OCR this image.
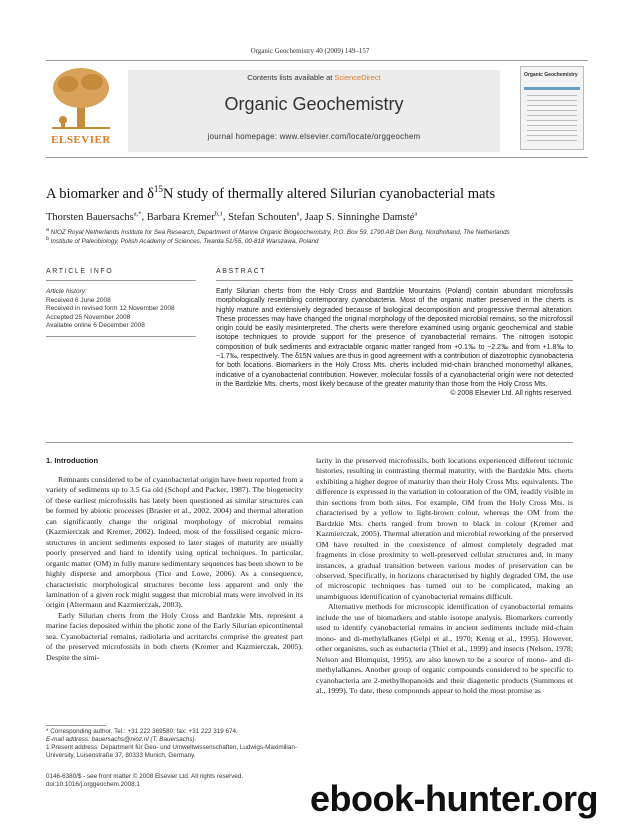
Organic Geochemistry 40 (2009) 149–157
ELSEVIER
Contents lists available at ScienceDirect
Organic Geochemistry
journal homepage: www.elsevier.com/locate/orggeochem
Organic Geochemistry
A biomarker and $\delta^{15}N$ study of thermally altered Silurian cyanobacterial mats
Thorsten Bauersachs$^{a,*}$, Barbara Kremer$^{b,1}$, Stefan Schouten$^a$, Jaap S. Sinninghe Damsté$^a$
$^a$ NIOZ Royal Netherlands Institute for Sea Research, Department of Marine Organic Biogeochemistry, P.O. Box 59, 1790 AB Den Burg, Nordholland, The Netherlands
$^b$ Institute of Paleobiology, Polish Academy of Sciences, Twarda 51/55, 00-818 Warszawa, Poland
ARTICLE INFO	ABSTRACT
Article history:
Received 6 June 2008
Received in revised form 12 November 2008
Accepted 25 November 2008
Available online 6 December 2008
Early Silurian cherts from the Holy Cross and Bardzkie Mountains (Poland) contain abundant microfossils morphologically resembling contemporary cyanobacteria. Most of the organic matter preserved in the cherts is highly mature and extensively degraded because of biological decomposition and progressive thermal alteration. These processes may have changed the original morphology of the deposited microbial remains, so the microfossil origin could be easily misinterpreted. The cherts were therefore examined using organic geochemical and stable isotope techniques to provide support for the presence of cyanobacterial remains. The nitrogen isotopic composition of bulk sediments and extractable organic matter ranged from +0.1‰ to −2.2‰ and from +1.8‰ to −1.7‰, respectively. The δ15N values are thus in good agreement with a contribution of diazotrophic cyanobacteria for both locations. Biomarkers in the Holy Cross Mts. cherts included mid-chain branched monomethyl alkanes, indicative of a cyanobacterial contribution. However, molecular fossils of a cyanobacterial origin were not detected in the Bardzkie Mts. cherts, most likely because of the greater maturity than those from the Holy Cross Mts.
© 2008 Elsevier Ltd. All rights reserved.
1. Introduction

Remnants considered to be of cyanobacterial origin have been reported from a variety of sediments up to 3.5 Ga old (Schopf and Packer, 1987). The biogenecity of these earliest microfossils has lately been questioned as similar structures can be formed by abiotic processes (Brasier et al., 2002, 2004) and thermal alteration can significantly change the original morphology of microbial remains (Kazmierczak and Kremer, 2002). Indeed, most of the fossilised organic micro-structures in ancient sediments exposed to later stages of maturity are usually poorly preserved and hard to identify using optical techniques. In particular, organic matter (OM) in fully mature sedimentary sequences has been shown to be highly disperse and amorphous (Tice and Lowe, 2006). As a consequence, characteristic morphological structures become less apparent and only the lamination of a given rock might suggest that microbial mats were involved in its origin (Altermann and Kazmierczak, 2003).

Early Silurian cherts from the Holy Cross and Bardzkie Mts. represent a marine facies deposited within the photic zone of the Early Silurian epicontinental sea. Cyanobacterial remains, radiolaria and acritarchs comprise the greatest part of the preserved microfossils in both cherts (Kremer and Kazmierczak, 2005). Despite the simi-

larity in the preserved microfossils, both locations experienced different tectonic histories, resulting in contrasting thermal maturity, with the Bardzkie Mts. cherts exhibiting a higher degree of maturity than their Holy Cross Mts. equivalents. The difference is expressed in the variation in colouration of the OM, readily visible in thin sections from both sites. For example, OM from the Holy Cross Mts. is characterised by a yellow to light-brown colour, whereas the OM from the Bardzkie Mts. cherts ranged from brown to black in colour (Kremer and Kazmierczak, 2005). Thermal alteration and microbial reworking of the preserved OM have resulted in the coexistence of almost completely degraded mat fragments in close proximity to well-preserved cellular structures and, in many instances, a gradual transition between various modes of preservation can be observed. Specifically, in horizons characterised by highly degraded OM, the use of microscopic techniques has turned out to be complicated, making an unambiguous identification of cyanobacterial remains difficult.

Alternative methods for microscopic identification of cyanobacterial remains include the use of biomarkers and stable isotope analysis. Biomarkers currently used to identify cyanobacterial remains in ancient sediments include mid-chain mono- and di-methylalkanes (Gelpi et al., 1970; Kenig et al., 1995). However, other organisms, such as eubacteria (Thiel et al., 1999) and insects (Nelson, 1978; Nelson and Blomquist, 1995), are also known to be a source of mono- and di-methylalkanes. Another group of organic compounds considered to be specific to cyanobacteria are 2-methylhopanoids and their diagenetic products (Summons et al., 1999). To date, these compounds appear to hold the most promise as

* Corresponding author. Tel.: +31 222 369580; fax: +31 222 319 674.

E-mail address: bauersachs@nioz.nl (T. Bauersachs).

1 Present address: Department für Geo- und Umweltwissenschaften, Ludwigs-Maximilian-University, Luisenstraße 37, 80333 Munich, Germany.

0146-6380/$ - see front matter © 2008 Elsevier Ltd. All rights reserved.
doi:10.1016/j.orggeochem.2008.1	ebook-hunter.org
